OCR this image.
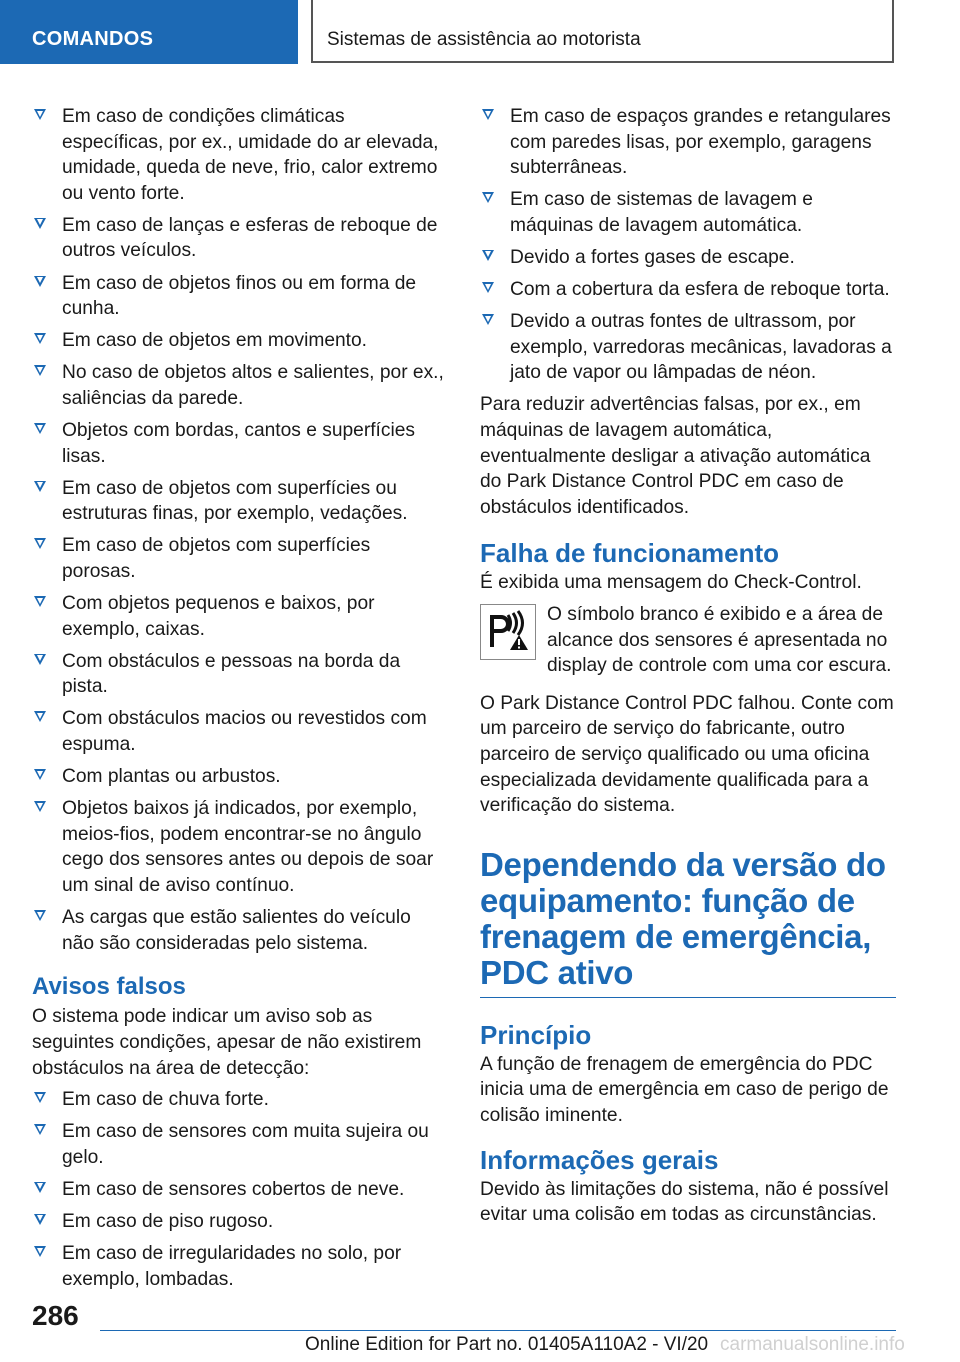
COMANDOS	Sistemas de assistência ao motorista
Em caso de condições climáticas específicas, por ex., umidade do ar elevada, umidade, queda de neve, frio, calor extremo ou vento forte.
Em caso de lanças e esferas de reboque de outros veículos.
Em caso de objetos finos ou em forma de cunha.
Em caso de objetos em movimento.
No caso de objetos altos e salientes, por ex., saliências da parede.
Objetos com bordas, cantos e superfícies lisas.
Em caso de objetos com superfícies ou estruturas finas, por exemplo, vedações.
Em caso de objetos com superfícies porosas.
Com objetos pequenos e baixos, por exemplo, caixas.
Com obstáculos e pessoas na borda da pista.
Com obstáculos macios ou revestidos com espuma.
Com plantas ou arbustos.
Objetos baixos já indicados, por exemplo, meios-fios, podem encontrar-se no ângulo cego dos sensores antes ou depois de soar um sinal de aviso contínuo.
As cargas que estão salientes do veículo não são consideradas pelo sistema.
Avisos falsos

O sistema pode indicar um aviso sob as seguintes condições, apesar de não existirem obstáculos na área de detecção:

Em caso de chuva forte.
Em caso de sensores com muita sujeira ou gelo.
Em caso de sensores cobertos de neve.
Em caso de piso rugoso.
Em caso de irregularidades no solo, por exemplo, lombadas.
Em caso de espaços grandes e retangulares com paredes lisas, por exemplo, garagens subterrâneas.
Em caso de sistemas de lavagem e máquinas de lavagem automática.
Devido a fortes gases de escape.
Com a cobertura da esfera de reboque torta.
Devido a outras fontes de ultrassom, por exemplo, varredoras mecânicas, lavadoras a jato de vapor ou lâmpadas de néon.

Para reduzir advertências falsas, por ex., em máquinas de lavagem automática, eventualmente desligar a ativação automática do Park Distance Control PDC em caso de obstáculos identificados.

Falha de funcionamento

É exibida uma mensagem do Check-Control.

O símbolo branco é exibido e a área de alcance dos sensores é apresentada no display de controle com uma cor escura.

O Park Distance Control PDC falhou. Conte com um parceiro de serviço do fabricante, outro parceiro de serviço qualificado ou uma oficina especializada devidamente qualificada para a verificação do sistema.

Dependendo da versão do equipamento: função de frenagem de emergência, PDC ativo
Princípio

A função de frenagem de emergência do PDC inicia uma de emergência em caso de perigo de colisão iminente.

Informações gerais

Devido às limitações do sistema, não é possível evitar uma colisão em todas as circunstâncias.

286
Online Edition for Part no. 01405A110A2 - VI/20 carmanualsonline.info
